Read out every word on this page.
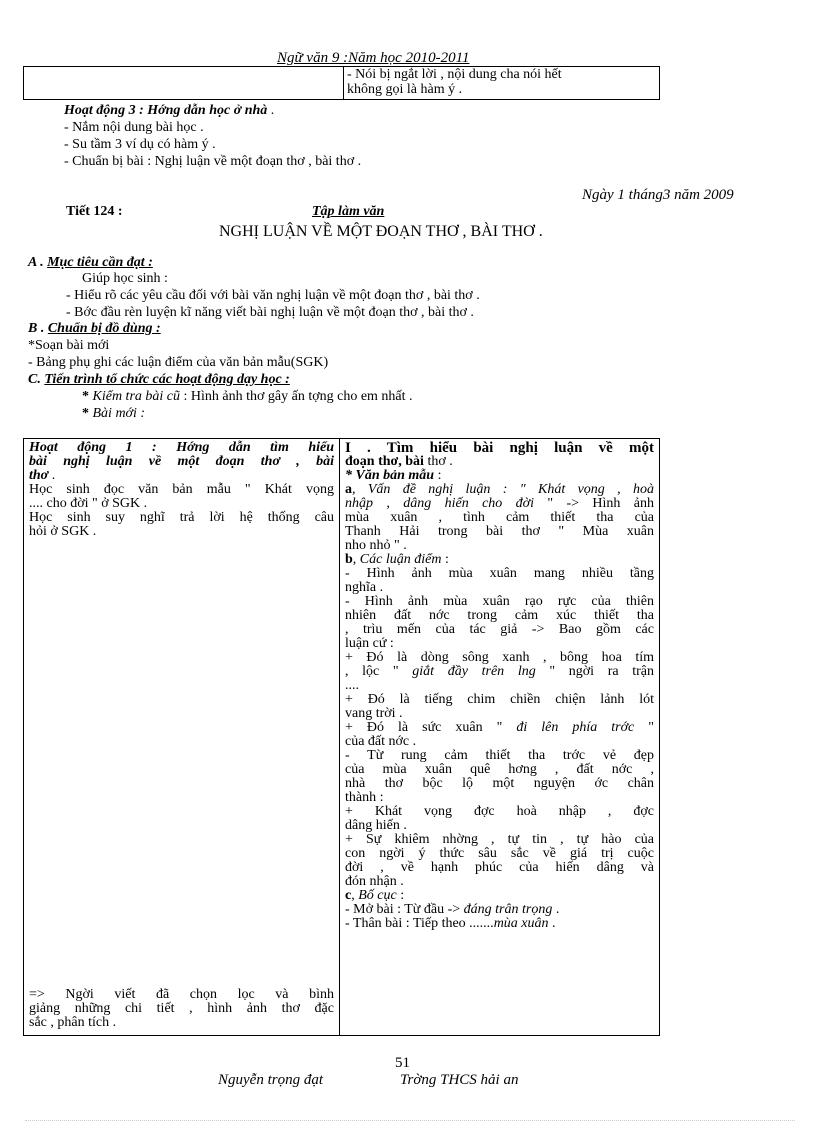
Ngữ văn 9 :Năm học 2010-2011

- Nói bị ngắt lời , nội dung cha nói hết
không gọi là hàm ý .
Hoạt động 3 : Hớng dẫn học ở nhà .
- Nắm nội dung bài học .
- Su tầm 3 ví dụ có hàm ý .
- Chuẩn bị bài : Nghị luận về một đoạn thơ , bài thơ .
Ngày 1 tháng3 năm 2009
Tiết 124 :	Tập làm văn
NGHỊ LUẬN VỀ MỘT ĐOẠN THƠ , BÀI THƠ .
A . Mục tiêu cần đạt :
Giúp học sinh :
- Hiểu rõ các yêu cầu đối với bài văn nghị luận về một đoạn thơ , bài thơ .
- Bớc đầu rèn luyện kĩ năng viết bài nghị luận về một đoạn thơ , bài thơ .
B . Chuẩn bị đồ dùng :
*Soạn bài mới
- Bảng phụ ghi các luận điểm của văn bản mẫu(SGK)
C. Tiến trình tổ chức các hoạt động dạy học :
* Kiểm tra bài cũ : Hình ảnh thơ gây ấn tợng cho em nhất .
* Bài mới :
Hoạt động 1 : Hớng dẫn tìm hiểu
bài nghị luận về một đoạn thơ , bài
thơ .
Học sinh đọc văn bản mẫu " Khát vọng
.... cho đời " ở SGK .
Học sinh suy nghĩ trả lời hệ thống câu
hỏi ở SGK .
=> Ngời viết đã chọn lọc và bình
giảng những chi tiết , hình ảnh thơ đặc
sắc , phân tích .

I . Tìm hiểu bài nghị luận về một
đoạn thơ, bài thơ .
* Văn bản mẫu :
a, Vấn đề nghị luận : " Khát vọng , hoà
nhập , dâng hiến cho đời " -> Hình ảnh
mùa xuân , tình cảm thiết tha của
Thanh Hải trong bài thơ " Mùa xuân
nho nhỏ " .
b, Các luận điểm :
- Hình ảnh mùa xuân mang nhiều tầng
nghĩa .
- Hình ảnh mùa xuân rạo rực của thiên
nhiên đất nớc trong cảm xúc thiết tha
, trìu mến của tác giả -> Bao gồm các
luận cứ :
+ Đó là dòng sông xanh , bông hoa tím
, lộc " giắt đầy trên lng " ngời ra trận
....
+ Đó là tiếng chim chiền chiện lảnh lót
vang trời .
+ Đó là sức xuân " đi lên phía trớc "
của đất nớc .
- Từ rung cảm thiết tha trớc vẻ đẹp
của mùa xuân quê hơng , đất nớc ,
nhà thơ bộc lộ một nguyện ớc chân
thành :
+ Khát vọng đợc hoà nhập , đợc
dâng hiến .
+ Sự khiêm nhờng , tự tin , tự hào của
con ngời ý thức sâu sắc về giá trị cuộc
đời , về hạnh phúc của hiến dâng và
đón nhận .
c, Bố cục :
- Mở bài : Từ đầu -> đáng trân trọng .
- Thân bài : Tiếp theo .......mùa xuân .
51
Nguyễn trọng đạt	Trờng THCS hải an
